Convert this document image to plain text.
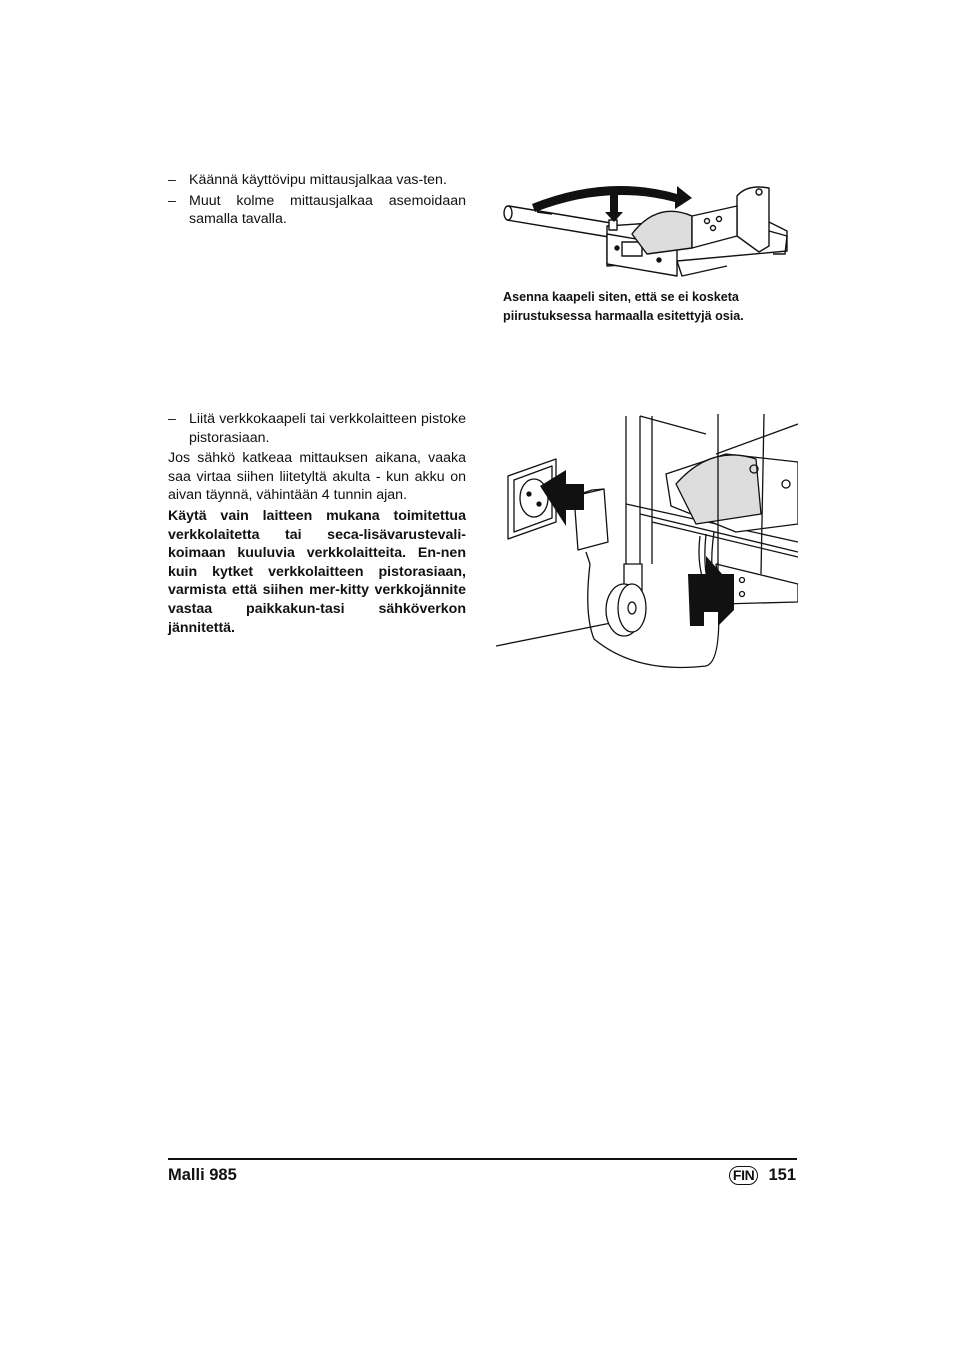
– Käännä käyttövipu mittausjalkaa vas-ten.
– Muut kolme mittausjalkaa asemoidaan samalla tavalla.
Asenna kaapeli siten, että se ei kosketa piirustuksessa harmaalla esitettyjä osia.
– Liitä verkkokaapeli tai verkkolaitteen pistoke pistorasiaan.
Jos sähkö katkeaa mittauksen aikana, vaaka saa virtaa siihen liitetyltä akulta - kun akku on aivan täynnä, vähintään 4 tunnin ajan.
Käytä vain laitteen mukana toimitettua verkkolaitetta tai seca-lisävarustevali-koimaan kuuluvia verkkolaitteita. En-nen kuin kytket verkkolaitteen pistorasiaan, varmista että siihen mer-kitty verkkojännite vastaa paikkakun-tasi sähköverkon jännitettä.
Malli 985	FIN 151
